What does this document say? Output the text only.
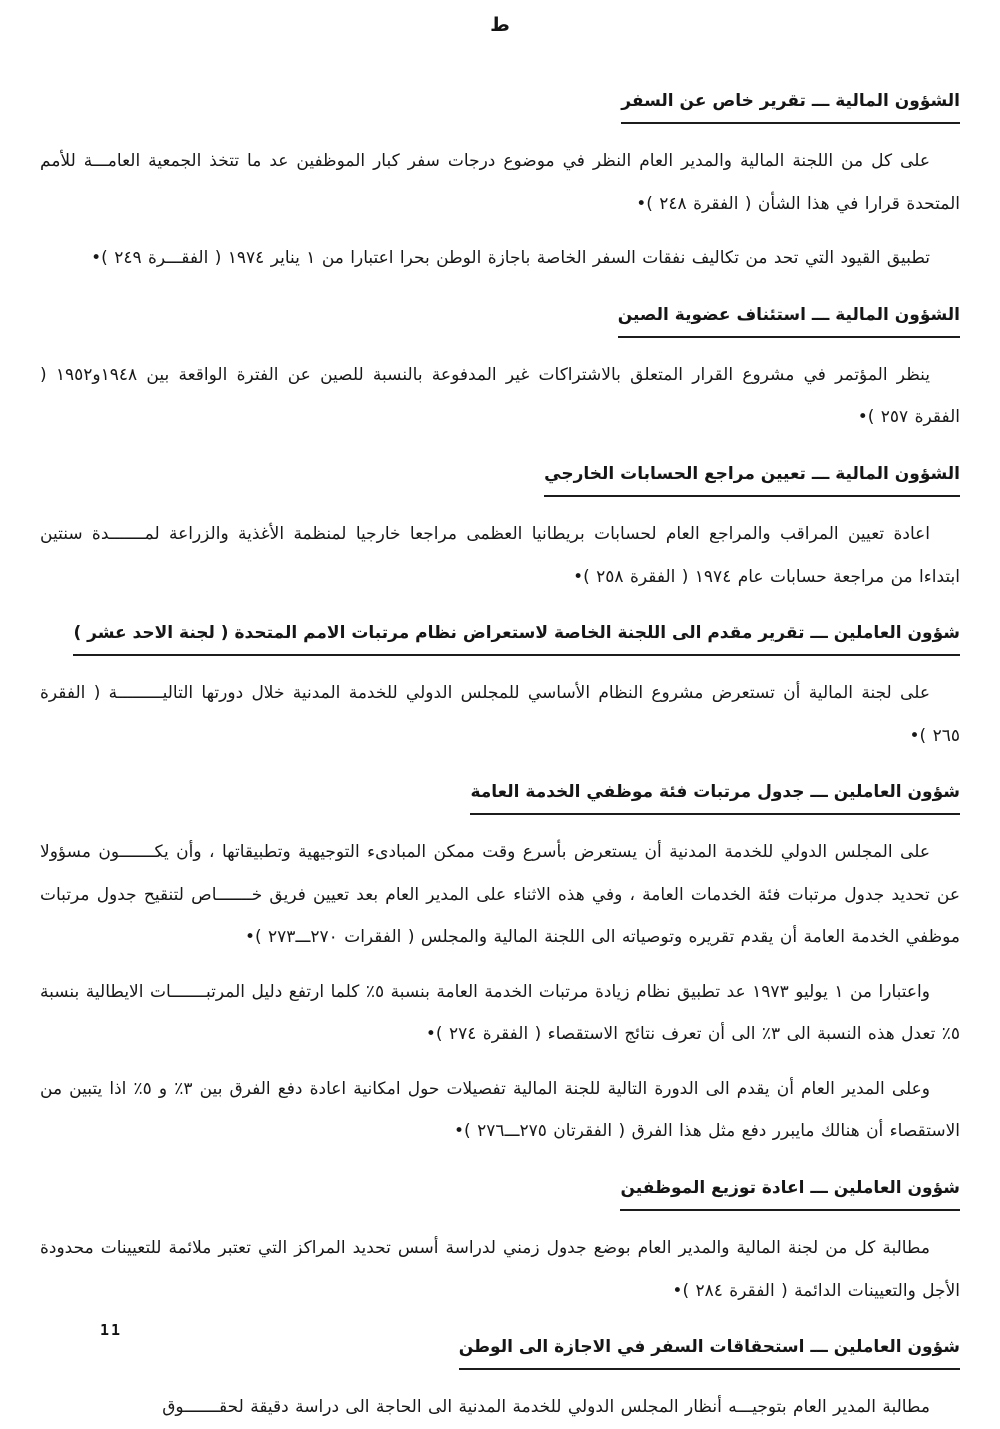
ط
الشؤون المالية ـــ تقرير خاص عن السفر

على كل من اللجنة المالية والمدير العام النظر في موضوع درجات سفر كبار الموظفين عد ما تتخذ الجمعية العامـــة للأمم المتحدة قرارا في هذا الشأن ( الفقرة ٢٤٨ )•

تطبيق القيود التي تحد من تكاليف نفقات السفر الخاصة باجازة الوطن بحرا اعتبارا من ١ يناير ١٩٧٤ ( الفقـــرة ٢٤٩ )•

الشؤون المالية ـــ استئناف عضوية الصين

ينظر المؤتمر في مشروع القرار المتعلق بالاشتراكات غير المدفوعة بالنسبة للصين عن الفترة الواقعة بين ١٩٤٨و١٩٥٢ ( الفقرة ٢٥٧ )•

الشؤون المالية ـــ تعيين مراجع الحسابات الخارجي

اعادة تعيين المراقب والمراجع العام لحسابات بريطانيا العظمى مراجعا خارجيا لمنظمة الأغذية والزراعة لمـــــــدة سنتين ابتداءا من مراجعة حسابات عام ١٩٧٤ ( الفقرة ٢٥٨ )•

شؤون العاملين ـــ تقرير مقدم الى اللجنة الخاصة لاستعراض نظام مرتبات الامم المتحدة ( لجنة الاحد عشر )

على لجنة المالية أن تستعرض مشروع النظام الأساسي للمجلس الدولي للخدمة المدنية خلال دورتها التاليـــــــــة ( الفقرة ٢٦٥ )•

شؤون العاملين ـــ جدول مرتبات فئة موظفي الخدمة العامة

على المجلس الدولي للخدمة المدنية أن يستعرض بأسرع وقت ممكن المبادىء التوجيهية وتطبيقاتها ، وأن يكـــــــون مسؤولا عن تحديد جدول مرتبات فئة الخدمات العامة ، وفي هذه الاثناء على المدير العام بعد تعيين فريق خـــــــاص لتنقيح جدول مرتبات موظفي الخدمة العامة أن يقدم تقريره وتوصياته الى اللجنة المالية والمجلس ( الفقرات ٢٧٠ـــ٢٧٣ )•

واعتبارا من ١ يوليو ١٩٧٣ عد تطبيق نظام زيادة مرتبات الخدمة العامة بنسبة ٥٪ كلما ارتفع دليل المرتبـــــــات الايطالية بنسبة ٥٪ تعدل هذه النسبة الى ٣٪ الى أن تعرف نتائج الاستقصاء ( الفقرة ٢٧٤ )•

وعلى المدير العام أن يقدم الى الدورة التالية للجنة المالية تفصيلات حول امكانية اعادة دفع الفرق بين ٣٪ و ٥٪ اذا يتبين من الاستقصاء أن هنالك مايبرر دفع مثل هذا الفرق ( الفقرتان ٢٧٥ـــ٢٧٦ )•

شؤون العاملين ـــ اعادة توزيع الموظفين

مطالبة كل من لجنة المالية والمدير العام بوضع جدول زمني لدراسة أسس تحديد المراكز التي تعتبر ملائمة للتعيينات محدودة الأجل والتعيينات الدائمة ( الفقرة ٢٨٤ )•

شؤون العاملين ـــ استحقاقات السفر في الاجازة الى الوطن

مطالبة المدير العام بتوجيـــه أنظار المجلس الدولي للخدمة المدنية الى الحاجة الى دراسة دقيقة لحقـــــــوق

11
